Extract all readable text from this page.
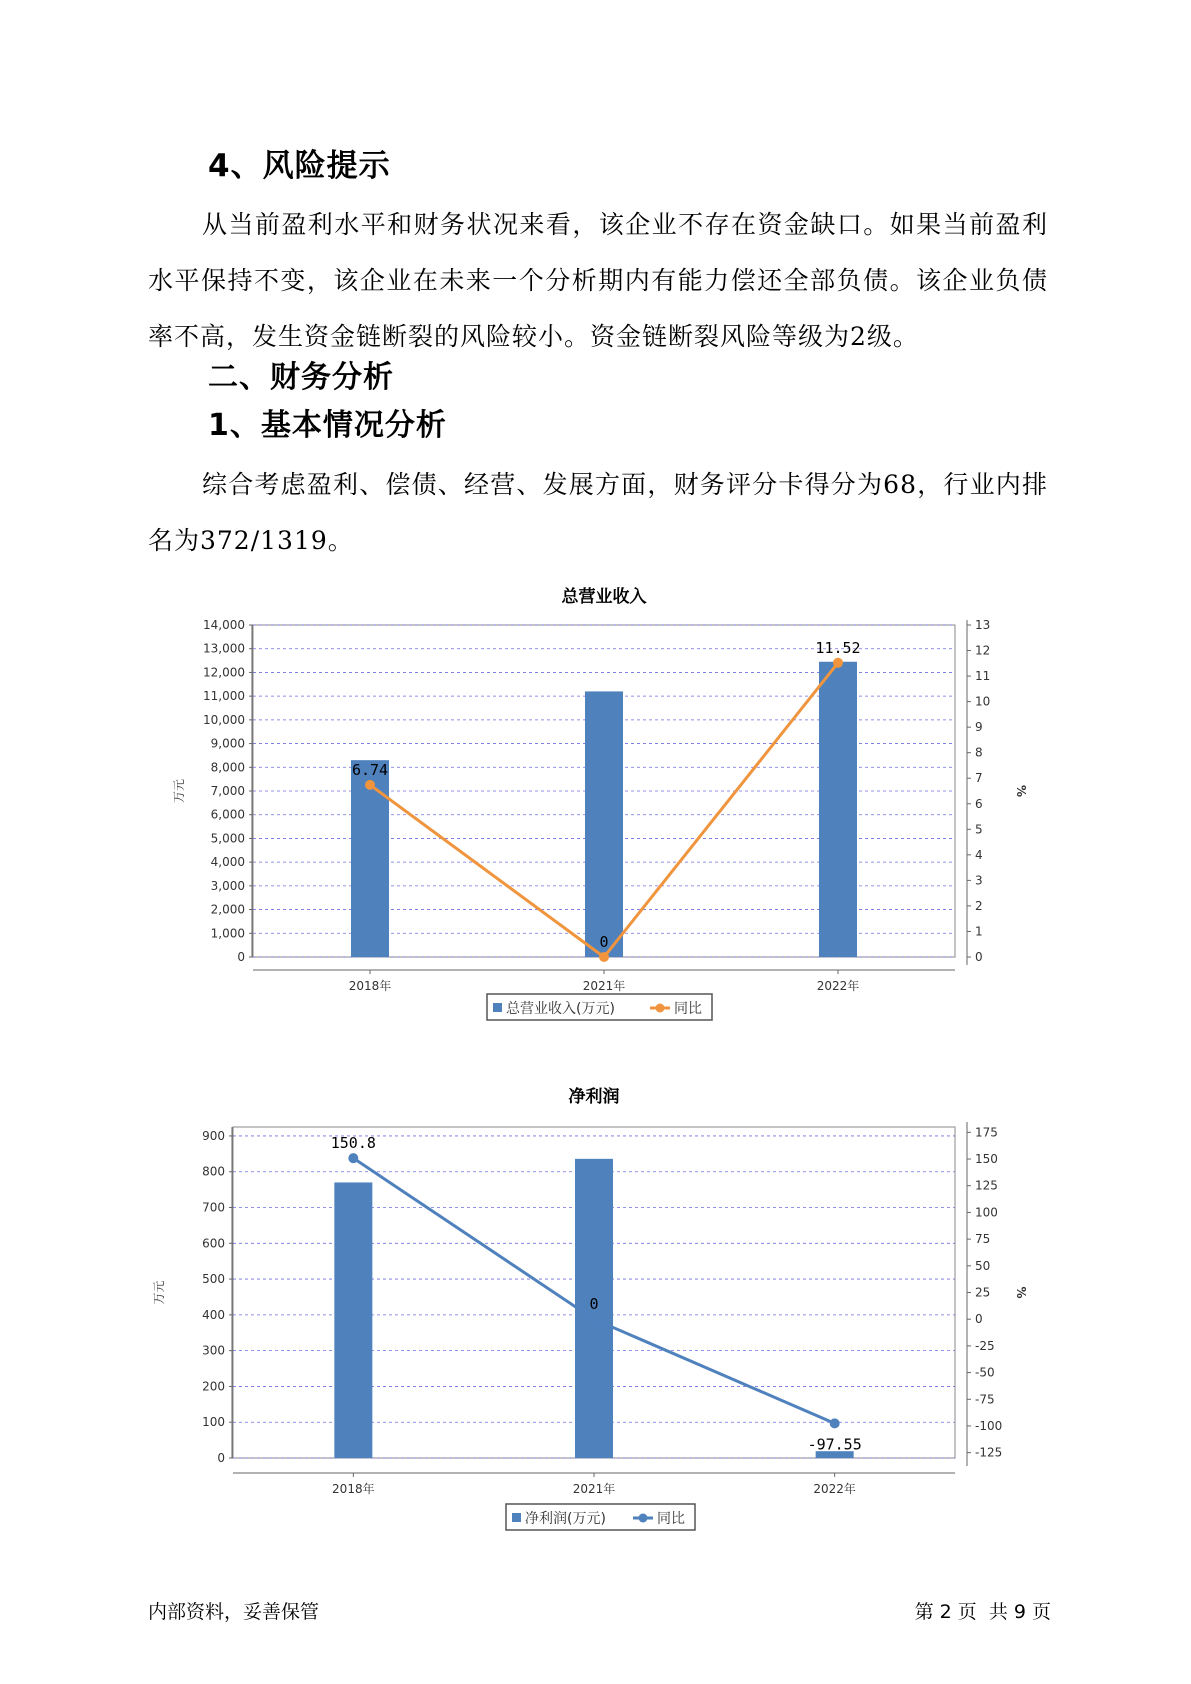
4、风险提示
从当前盈利水平和财务状况来看，该企业不存在资金缺口。如果当前盈利水平保持不变，该企业在未来一个分析期内有能力偿还全部负债。该企业负债率不高，发生资金链断裂的风险较小。资金链断裂风险等级为2级。
二、财务分析
1、基本情况分析
综合考虑盈利、偿债、经营、发展方面，财务评分卡得分为68，行业内排名为372/1319。
总营业收入
0
1,000
2,000
3,000
4,000
5,000
6,000
7,000
8,000
9,000
10,000
11,000
12,000
13,000
14,000
0
1
2
3
4
5
6
7
8
9
10
11
12
13
万元	%
2018年	2021年	2022年
6.74
0
11.52
总营业收入(万元)	同比
净利润
0
100
200
300
400
500
600
700
800
900
-125
-100
-75
-50
-25
0
25
50
75
100
125
150
175
万元	%
2018年	2021年	2022年
150.8
0
-97.55
净利润(万元)	同比
内部资料，妥善保管	第 2 页  共 9 页
